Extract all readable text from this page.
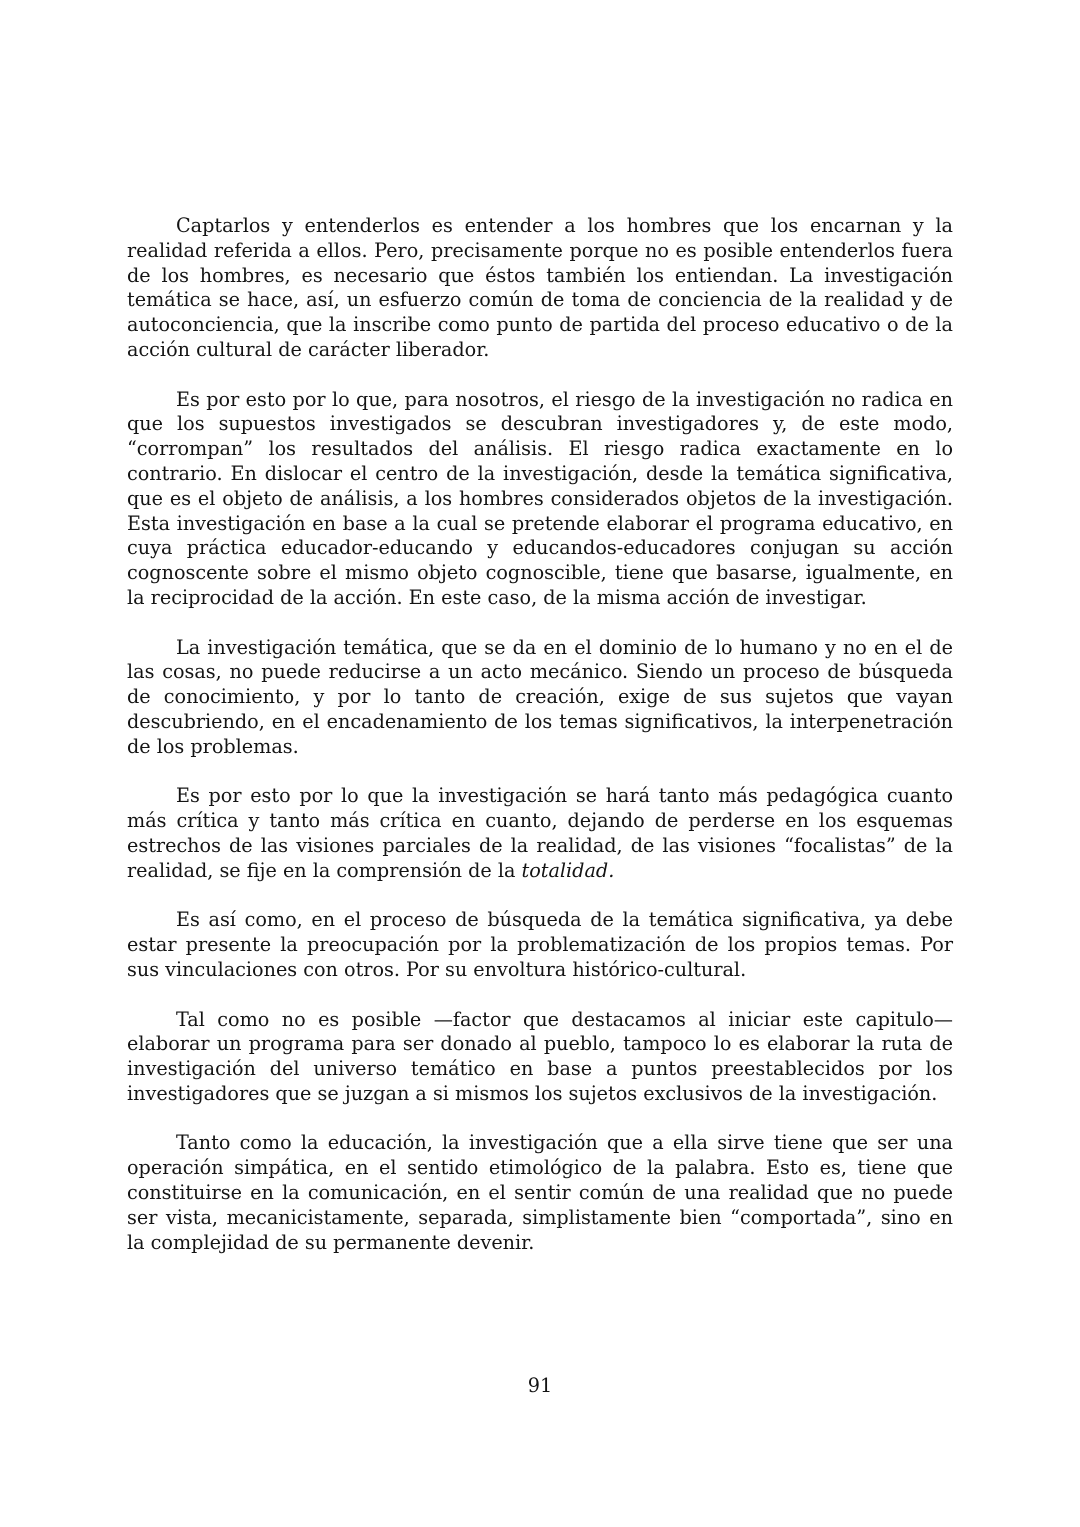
Captarlos y entenderlos es entender a los hombres que los encarnan y la realidad referida a ellos. Pero, precisamente porque no es posible entenderlos fuera de los hombres, es necesario que éstos también los entiendan. La investigación temática se hace, así, un esfuerzo común de toma de conciencia de la realidad y de autoconciencia, que la inscribe como punto de partida del proceso educativo o de la acción cultural de carácter liberador.

Es por esto por lo que, para nosotros, el riesgo de la investigación no radica en que los supuestos investigados se descubran investigadores y, de este modo, “corrompan” los resultados del análisis. El riesgo radica exactamente en lo contrario. En dislocar el centro de la investigación, desde la temática significativa, que es el objeto de análisis, a los hombres considerados objetos de la investigación. Esta investigación en base a la cual se pretende elaborar el programa educativo, en cuya práctica educador-educando y educandos-educadores conjugan su acción cognoscente sobre el mismo objeto cognoscible, tiene que basarse, igualmente, en la reciprocidad de la acción. En este caso, de la misma acción de investigar.

La investigación temática, que se da en el dominio de lo humano y no en el de las cosas, no puede reducirse a un acto mecánico. Siendo un proceso de búsqueda de conocimiento, y por lo tanto de creación, exige de sus sujetos que vayan descubriendo, en el encadenamiento de los temas significativos, la interpenetración de los problemas.

Es por esto por lo que la investigación se hará tanto más pedagógica cuanto más crítica y tanto más crítica en cuanto, dejando de perderse en los esquemas estrechos de las visiones parciales de la realidad, de las visiones “focalistas” de la realidad, se fije en la comprensión de la totalidad.

Es así como, en el proceso de búsqueda de la temática significativa, ya debe estar presente la preocupación por la problematización de los propios temas. Por sus vinculaciones con otros. Por su envoltura histórico-cultural.

Tal como no es posible —factor que destacamos al iniciar este capitulo— elaborar un programa para ser donado al pueblo, tampoco lo es elaborar la ruta de investigación del universo temático en base a puntos preestablecidos por los investigadores que se juzgan a si mismos los sujetos exclusivos de la investigación.

Tanto como la educación, la investigación que a ella sirve tiene que ser una operación simpática, en el sentido etimológico de la palabra. Esto es, tiene que constituirse en la comunicación, en el sentir común de una realidad que no puede ser vista, mecanicistamente, separada, simplistamente bien “comportada”, sino en la complejidad de su permanente devenir.

91
